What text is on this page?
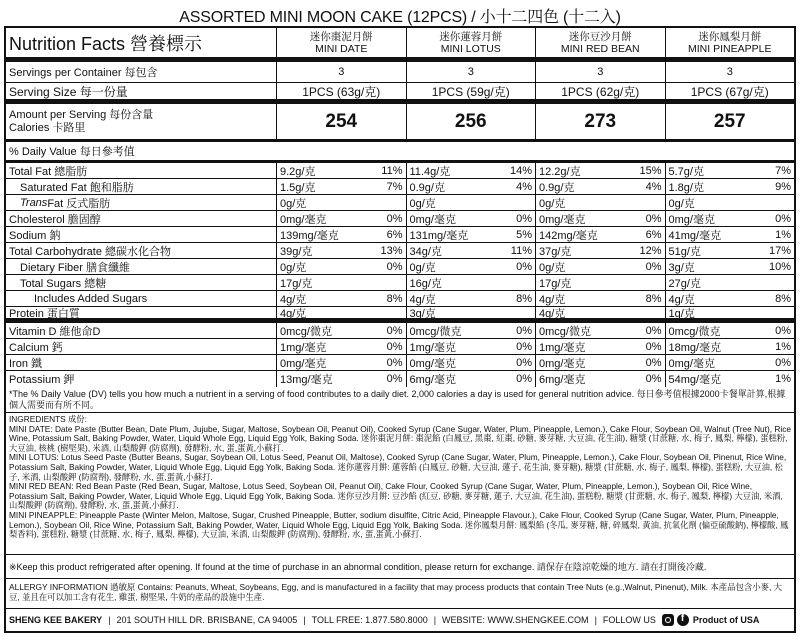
ASSORTED MINI MOON CAKE (12PCS) / 小十二四色 (十二入)
Nutrition Facts 營養標示	迷你棗泥月餅
MINI DATE
迷你蓮蓉月餅
MINI LOTUS
迷你豆沙月餅
MINI RED BEAN
迷你鳳梨月餅
MINI PINEAPPLE
Servings per Container 每包含	3	3	3	3
Serving Size 每一份量	1PCS (63g/克)	1PCS (59g/克)	1PCS (62g/克)	1PCS (67g/克)
Amount per Serving 每份含量
Calories 卡路里	254	256	273	257
% Daily Value 每日參考值
Total Fat 總脂肪	9.2g/克	11% 11.4g/克	14% 12.2g/克	15% 5.7g/克	7%
Saturated Fat 飽和脂肪	1.5g/克	7% 0.9g/克	4% 0.9g/克	4% 1.8g/克	9%
Trans Fat 反式脂肪	0g/克	0g/克	0g/克	0g/克
Cholesterol 膽固醇	0mg/毫克	0% 0mg/毫克	0% 0mg/毫克	0% 0mg/毫克	0%
Sodium 鈉	139mg/毫克	6% 131mg/毫克	5% 142mg/毫克	6% 41mg/毫克	1%
Total Carbohydrate 總碳水化合物	39g/克	13% 34g/克	11% 37g/克	12% 51g/克	17%
Dietary Fiber 膳食纖維	0g/克	0% 0g/克	0% 0g/克	0% 3g/克	10%
Total Sugars 總糖	17g/克	16g/克	17g/克	27g/克
Includes Added Sugars	4g/克	8% 4g/克	8% 4g/克	8% 4g/克	8%
Protein 蛋白質	4g/克	3g/克	4g/克	1g/克
Vitamin D 維他命D	0mcg/微克	0% 0mcg/微克	0% 0mcg/微克	0% 0mcg/微克	0%
Calcium 鈣	1mg/毫克	0% 1mg/毫克	0% 1mg/毫克	0% 18mg/毫克	1%
Iron 鐵	0mg/毫克	0% 0mg/毫克	0% 0mg/毫克	0% 0mg/毫克	0%
Potassium 鉀	13mg/毫克	0% 6mg/毫克	0% 6mg/毫克	0% 54mg/毫克	1%
*The % Daily Value (DV) tells you how much a nutrient in a serving of food contributes to a daily diet. 2,000 calories a day is used for general nutrition advice. 每日參考值根據2000卡餐單計算,根據個人需要而有所不同。

INGREDIENTS 成份:

MINI DATE: Date Paste (Butter Bean, Date Plum, Jujube, Sugar, Maltose, Soybean Oil, Peanut Oil), Cooked Syrup (Cane Sugar, Water, Plum, Pineapple, Lemon.), Cake Flour, Soybean Oil, Walnut (Tree Nut), Rice Wine, Potassium Salt, Baking Powder, Water, Liquid Whole Egg, Liquid Egg Yolk, Baking Soda. 迷你棗泥月餅: 棗泥餡 (白鳳豆, 黑棗, 紅棗, 砂糖, 麥芽糖, 大豆油, 花生油), 糖漿 (甘蔗糖, 水, 梅子, 鳳梨, 檸檬), 蛋糕粉, 大豆油, 核桃 (樹堅果), 米酒, 山梨酸鉀 (防腐劑), 發酵粉, 水, 蛋,蛋黃,小蘇打.

MINI LOTUS: Lotus Seed Paste (Butter Beans, Sugar, Soybean Oil, Lotus Seed, Peanut Oil, Maltose), Cooked Syrup (Cane Sugar, Water, Plum, Pineapple, Lemon.), Cake Flour, Soybean Oil, Pinenut, Rice Wine, Potassium Salt, Baking Powder, Water, Liquid Whole Egg, Liquid Egg Yolk, Baking Soda. 迷你蓮蓉月餅: 蓮蓉餡 (白鳳豆, 砂糖, 大豆油, 蓮子, 花生油, 麥芽糖), 糖漿 (甘蔗糖, 水, 梅子, 鳳梨, 檸檬), 蛋糕粉, 大豆油, 松子, 米酒, 山梨酸鉀 (防腐劑), 發酵粉, 水, 蛋,蛋黃,小蘇打.

MINI RED BEAN: Red Bean Paste (Red Bean, Sugar, Maltose, Lotus Seed, Soybean Oil, Peanut Oil), Cake Flour, Cooked Syrup (Cane Sugar, Water, Plum, Pineapple, Lemon.), Soybean Oil, Rice Wine, Potassium Salt, Baking Powder, Water, Liquid Whole Egg, Liquid Egg Yolk, Baking Soda. 迷你豆沙月餅: 豆沙餡 (紅豆, 砂糖, 麥芽糖, 蓮子, 大豆油, 花生油), 蛋糕粉, 糖漿 (甘蔗糖, 水, 梅子, 鳳梨, 檸檬) 大豆油, 米酒, 山梨酸鉀 (防腐劑), 發酵粉, 水, 蛋,蛋黃,小蘇打.

MINI PINEAPPLE: Pineapple Paste (Winter Melon, Maltose, Sugar, Crushed Pineapple, Butter, sodium disulfite, Citric Acid, Pineapple Flavour.), Cake Flour, Cooked Syrup (Cane Sugar, Water, Plum, Pineapple, Lemon.), Soybean Oil, Rice Wine, Potassium Salt, Baking Powder, Water, Liquid Whole Egg, Liquid Egg Yolk, Baking Soda. 迷你鳳梨月餅: 鳳梨餡 (冬瓜, 麥芽糖, 糖, 碎鳳梨, 黃油, 抗氧化劑 (偏亞硫酸鈉), 檸檬酸, 鳳梨香料), 蛋糕粉, 糖漿 (甘蔗糖, 水, 梅子, 鳳梨, 檸檬), 大豆油, 米酒, 山梨酸鉀 (防腐劑), 發酵粉, 水, 蛋,蛋黃,小蘇打.

※Keep this product refrigerated after opening. If found at the time of purchase in an abnormal condition, please return for exchange. 請保存在陰涼乾燥的地方. 請在打開後冷藏.
ALLERGY INFORMATION 過敏原 Contains: Peanuts, Wheat, Soybeans, Egg, and is manufactured in a facility that may process products that contain Tree Nuts (e.g.,Walnut, Pinenut), Milk. 本產品包含小麥, 大豆, 並且在可以加工含有花生, 雞蛋, 樹堅果, 牛奶的產品的設施中生產.
SHENG KEE BAKERY | 201 SOUTH HILL DR. BRISBANE, CA 94005 | TOLL FREE: 1.877.580.8000 | WEBSITE: WWW.SHENGKEE.COM | FOLLOW US
f	Product of USA
